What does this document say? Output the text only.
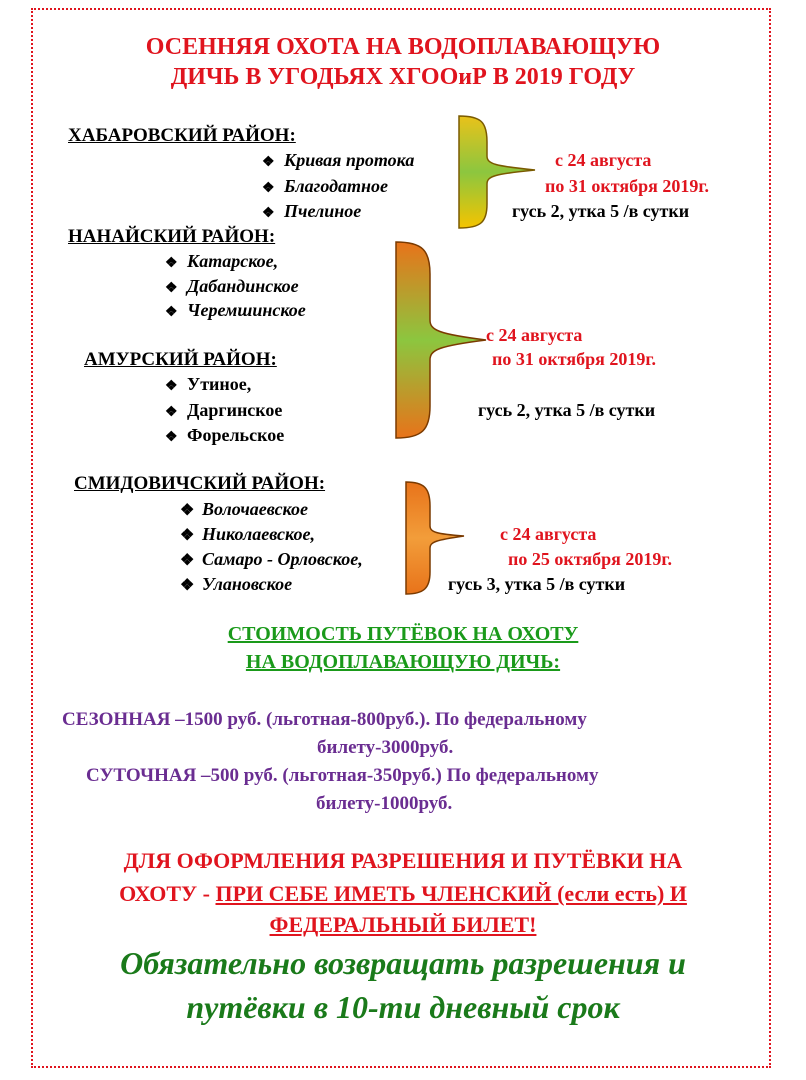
ОСЕННЯЯ ОХОТА НА ВОДОПЛАВАЮЩУЮ
ДИЧЬ В УГОДЬЯХ ХГООиР В 2019 ГОДУ
ХАБАРОВСКИЙ РАЙОН:
❖ Кривая протока
❖ Благодатное
❖ Пчелиное
с 24 августа
по 31 октября 2019г.
гусь 2, утка 5 /в сутки
НАНАЙСКИЙ РАЙОН:
❖ Катарское,
❖ Дабандинское
❖ Черемшинское
с 24 августа
по 31 октября 2019г.
АМУРСКИЙ РАЙОН:
❖ Утиное,
❖ Даргинское
❖ Форельское
гусь 2, утка 5 /в сутки
СМИДОВИЧСКИЙ РАЙОН:
❖ Волочаевское
❖ Николаевское,
❖ Самаро - Орловское,
❖ Улановское
с 24 августа
по 25 октября 2019г.
гусь 3, утка 5 /в сутки
СТОИМОСТЬ ПУТЁВОК НА ОХОТУ
НА ВОДОПЛАВАЮЩУЮ ДИЧЬ:
СЕЗОННАЯ –1500 руб. (льготная-800руб.). По федеральному
билету-3000руб.
СУТОЧНАЯ –500 руб. (льготная-350руб.) По федеральному
билету-1000руб.
ДЛЯ ОФОРМЛЕНИЯ РАЗРЕШЕНИЯ И ПУТЁВКИ НА
ОХОТУ - ПРИ СЕБЕ ИМЕТЬ ЧЛЕНСКИЙ (если есть) И
ФЕДЕРАЛЬНЫЙ БИЛЕТ!
Обязательно возвращать разрешения и
путёвки в 10-ти дневный срок
